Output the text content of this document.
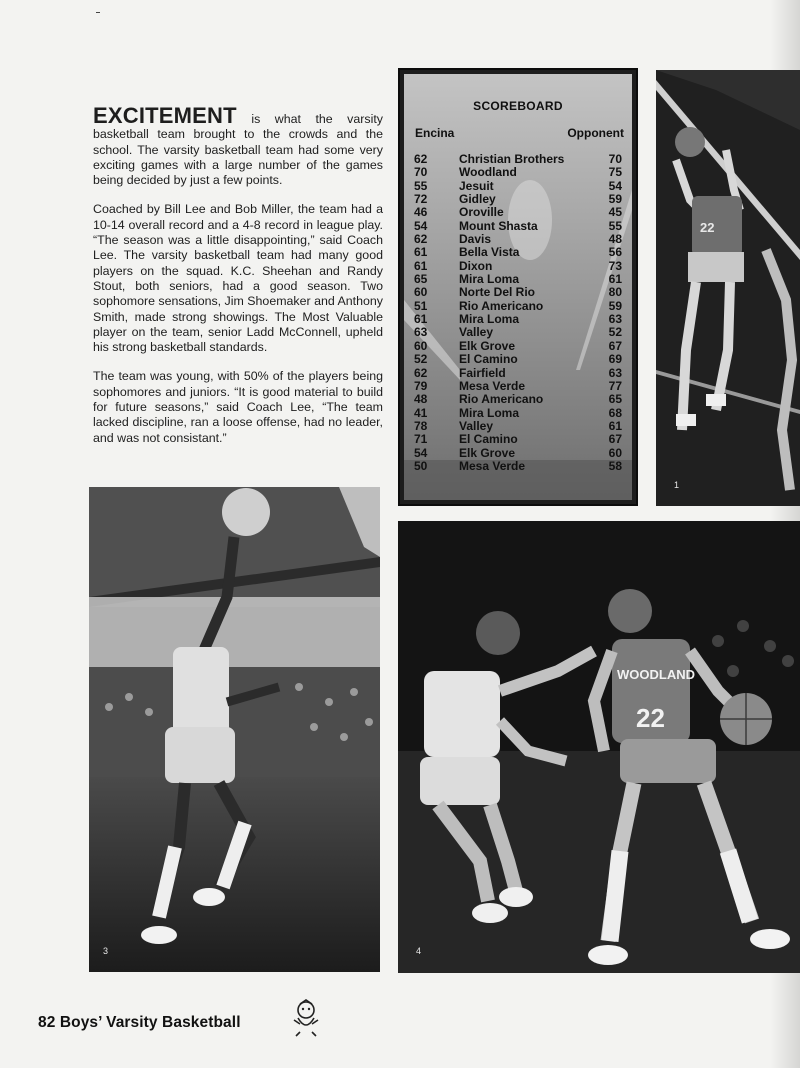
EXCITEMENT is what the varsity basketball team brought to the crowds and the school. The varsity basketball team had some very exciting games with a large number of the games being decided by just a few points.

Coached by Bill Lee and Bob Miller, the team had a 10-14 overall record and a 4-8 record in league play. “The season was a little disappointing,” said Coach Lee. The varsity basketball team had many good players on the squad. K.C. Sheehan and Randy Stout, both seniors, had a good season. Two sophomore sensations, Jim Shoemaker and Anthony Smith, made strong showings. The Most Valuable player on the team, senior Ladd McConnell, upheld his strong basketball standards.

The team was young, with 50% of the players being sophomores and juniors. “It is good material to build for future seasons,” said Coach Lee, “The team lacked discipline, ran a loose offense, had no leader, and was not consistant.”

SCOREBOARD
Encina	Opponent
62	Christian Brothers	70
70	Woodland	75
55	Jesuit	54
72	Gidley	59
46	Oroville	45
54	Mount Shasta	55
62	Davis	48
61	Bella Vista	56
61	Dixon	73
65	Mira Loma	61
60	Norte Del Rio	80
51	Rio Americano	59
61	Mira Loma	63
63	Valley	52
60	Elk Grove	67
52	El Camino	69
62	Fairfield	63
79	Mesa Verde	77
48	Rio Americano	65
41	Mira Loma	68
78	Valley	61
71	El Camino	67
54	Elk Grove	60
50	Mesa Verde	58
22
1
3
WOODLAND
22
4
82 Boys’ Varsity Basketball
